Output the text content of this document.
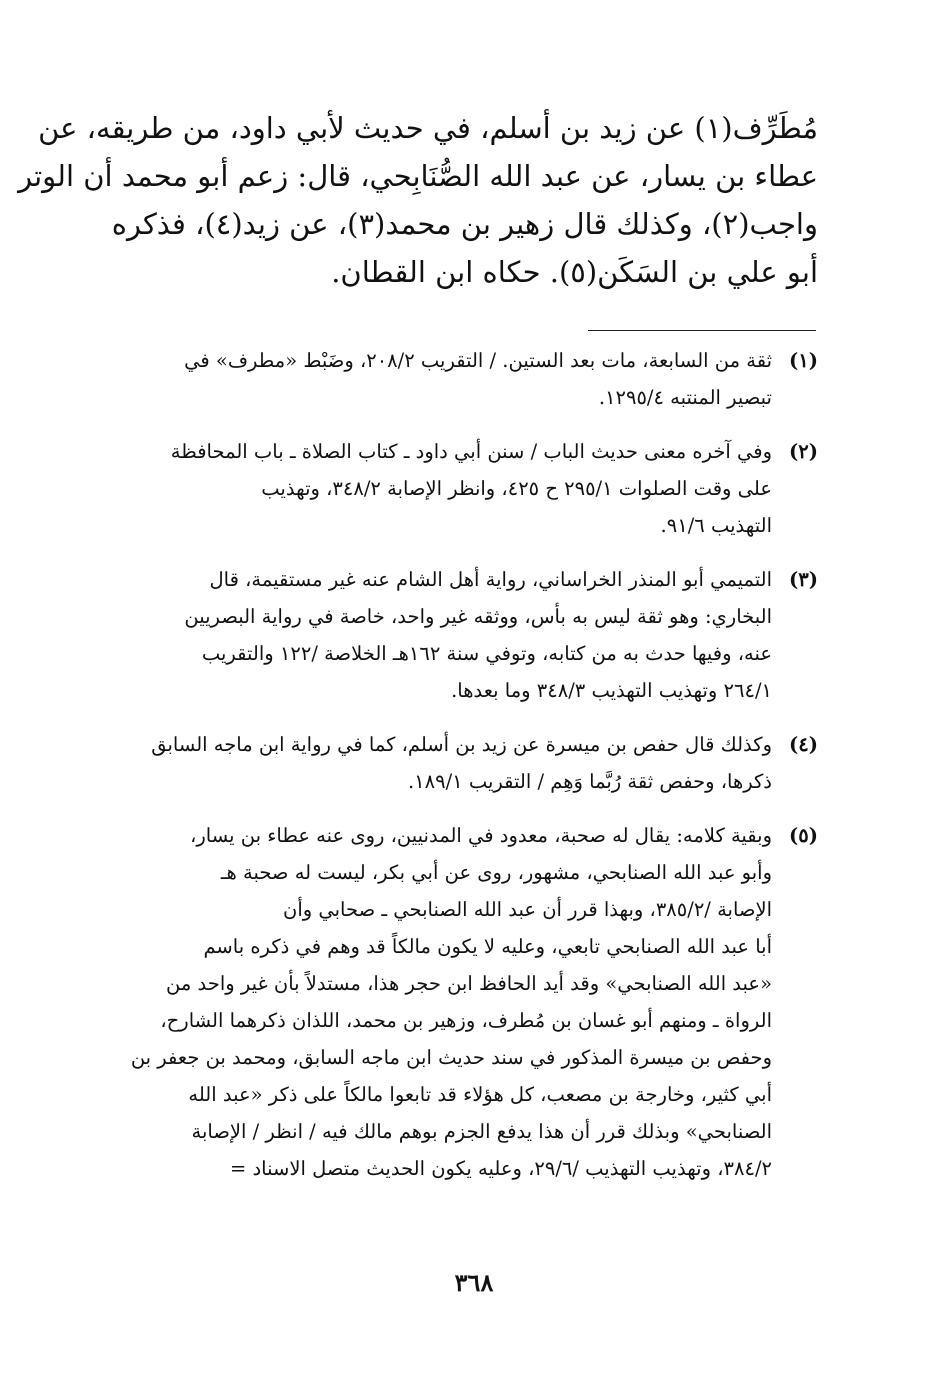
مُطَرِّف(١) عن زيد بن أسلم، في حديث لأبي داود، من طريقه، عن
عطاء بن يسار، عن عبد الله الصُّنَابِحي، قال: زعم أبو محمد أن الوتر
واجب(٢)، وكذلك قال زهير بن محمد(٣)، عن زيد(٤)، فذكره
أبو علي بن السَكَن(٥). حكاه ابن القطان.
(١)
ثقة من السابعة، مات بعد الستين. / التقريب ٢٠٨/٢، وضَبْط «مطرف» في
تبصير المنتبه ١٢٩٥/٤.
(٢)
وفي آخره معنى حديث الباب / سنن أبي داود ـ كتاب الصلاة ـ باب المحافظة
على وقت الصلوات ٢٩٥/١ ح ٤٢٥، وانظر الإصابة ٣٤٨/٢، وتهذيب
التهذيب ٩١/٦.
(٣)
التميمي أبو المنذر الخراساني، رواية أهل الشام عنه غير مستقيمة، قال
البخاري: وهو ثقة ليس به بأس، ووثقه غير واحد، خاصة في رواية البصريين
عنه، وفيها حدث به من كتابه، وتوفي سنة ١٦٢هـ الخلاصة /١٢٢ والتقريب
٢٦٤/١ وتهذيب التهذيب ٣٤٨/٣ وما بعدها.
(٤)
وكذلك قال حفص بن ميسرة عن زيد بن أسلم، كما في رواية ابن ماجه السابق
ذكرها، وحفص ثقة رُبَّما وَهِم / التقريب ١٨٩/١.
(٥)
وبقية كلامه: يقال له صحبة، معدود في المدنيين، روى عنه عطاء بن يسار،
وأبو عبد الله الصنابحي، مشهور، روى عن أبي بكر، ليست له صحبة هـ
الإصابة /٣٨٥/٢، وبهذا قرر أن عبد الله الصنابحي ـ صحابي وأن
أبا عبد الله الصنابحي تابعي، وعليه لا يكون مالكاً قد وهم في ذكره باسم
«عبد الله الصنابحي» وقد أيد الحافظ ابن حجر هذا، مستدلاً بأن غير واحد من
الرواة ـ ومنهم أبو غسان بن مُطرف، وزهير بن محمد، اللذان ذكرهما الشارح،
وحفص بن ميسرة المذكور في سند حديث ابن ماجه السابق، ومحمد بن جعفر بن
أبي كثير، وخارجة بن مصعب، كل هؤلاء قد تابعوا مالكاً على ذكر «عبد الله
الصنابحي» وبذلك قرر أن هذا يدفع الجزم بوهم مالك فيه / انظر / الإصابة
٣٨٤/٢، وتهذيب التهذيب /٢٩/٦، وعليه يكون الحديث متصل الاسناد =
٣٦٨
